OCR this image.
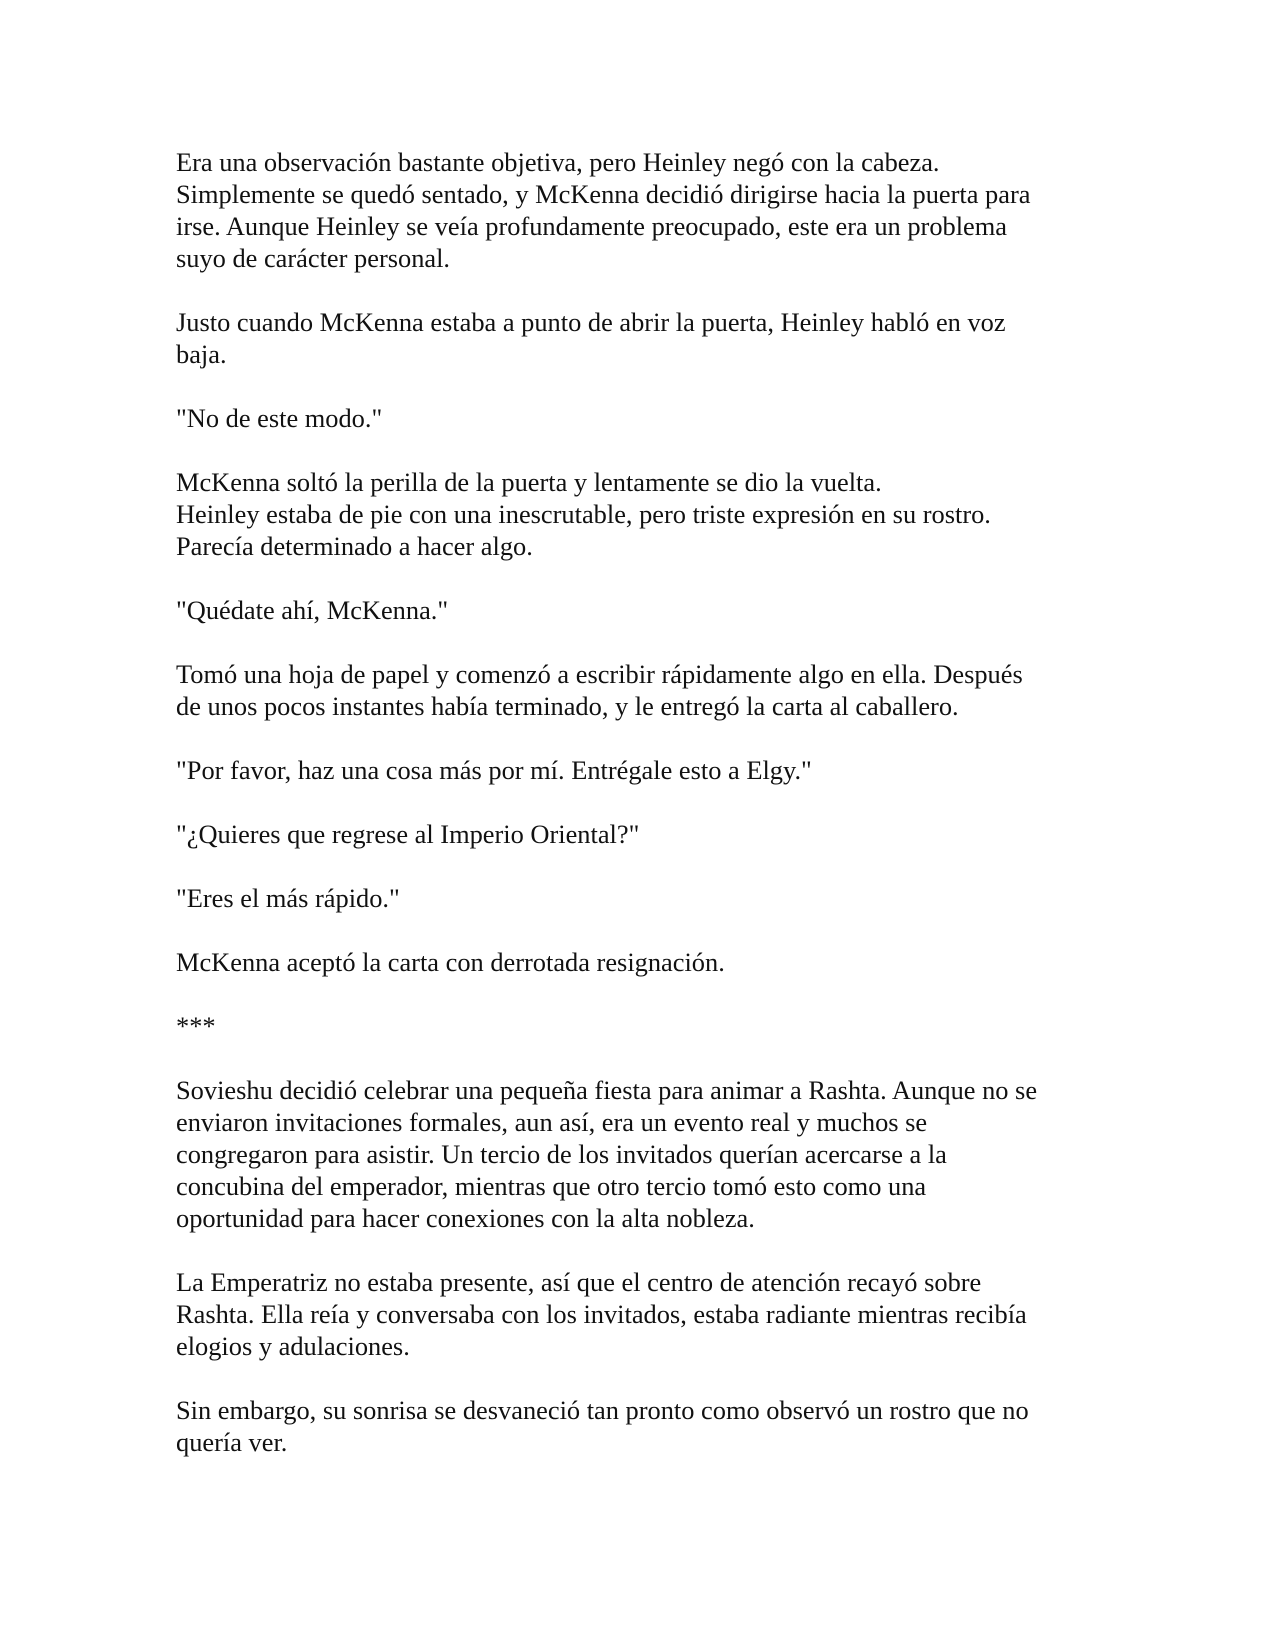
Era una observación bastante objetiva, pero Heinley negó con la cabeza.
Simplemente se quedó sentado, y McKenna decidió dirigirse hacia la puerta para
irse. Aunque Heinley se veía profundamente preocupado, este era un problema
suyo de carácter personal.

Justo cuando McKenna estaba a punto de abrir la puerta, Heinley habló en voz
baja.

"No de este modo."

McKenna soltó la perilla de la puerta y lentamente se dio la vuelta.
Heinley estaba de pie con una inescrutable, pero triste expresión en su rostro.
Parecía determinado a hacer algo.

"Quédate ahí, McKenna."

Tomó una hoja de papel y comenzó a escribir rápidamente algo en ella. Después
de unos pocos instantes había terminado, y le entregó la carta al caballero.

"Por favor, haz una cosa más por mí. Entrégale esto a Elgy."

"¿Quieres que regrese al Imperio Oriental?"

"Eres el más rápido."

McKenna aceptó la carta con derrotada resignación.

***

Sovieshu decidió celebrar una pequeña fiesta para animar a Rashta. Aunque no se
enviaron invitaciones formales, aun así, era un evento real y muchos se
congregaron para asistir. Un tercio de los invitados querían acercarse a la
concubina del emperador, mientras que otro tercio tomó esto como una
oportunidad para hacer conexiones con la alta nobleza.

La Emperatriz no estaba presente, así que el centro de atención recayó sobre
Rashta. Ella reía y conversaba con los invitados, estaba radiante mientras recibía
elogios y adulaciones.

Sin embargo, su sonrisa se desvaneció tan pronto como observó un rostro que no
quería ver.
